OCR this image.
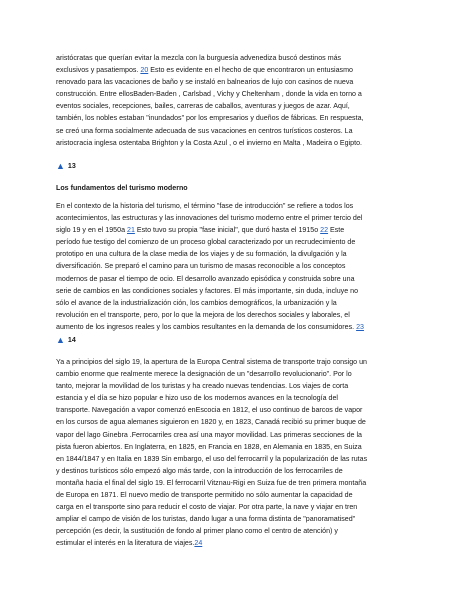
aristócratas que querían evitar la mezcla con la burguesía advenediza buscó destinos más
exclusivos y pasatiempos. 20 Esto es evidente en el hecho de que encontraron un entusiasmo
renovado para las vacaciones de baño y se instaló en balnearios de lujo con casinos de nueva
construcción. Entre ellosBaden-Baden , Carlsbad , Vichy y Cheltenham , donde la vida en torno a
eventos sociales, recepciones, bailes, carreras de caballos, aventuras y juegos de azar. Aquí,
también, los nobles estaban "inundados" por los empresarios y dueños de fábricas. En respuesta,
se creó una forma socialmente adecuada de sus vacaciones en centros turísticos costeros. La
aristocracia inglesa ostentaba Brighton y la Costa Azul , o el invierno en Malta , Madeira o Egipto.
▲ 13
Los fundamentos del turismo moderno
En el contexto de la historia del turismo, el término "fase de introducción" se refiere a todos los
acontecimientos, las estructuras y las innovaciones del turismo moderno entre el primer tercio del
siglo 19 y en el 1950a 21 Esto tuvo su propia "fase inicial", que duró hasta el 1915o 22 Este
período fue testigo del comienzo de un proceso global caracterizado por un recrudecimiento de
prototipo en una cultura de la clase media de los viajes y de su formación, la divulgación y la
diversificación. Se preparó el camino para un turismo de masas reconocible a los conceptos
modernos de pasar el tiempo de ocio. El desarrollo avanzado episódica y construida sobre una
serie de cambios en las condiciones sociales y factores. El más importante, sin duda, incluye no
sólo el avance de la industrialización ción, los cambios demográficos, la urbanización y la
revolución en el transporte, pero, por lo que la mejora de los derechos sociales y laborales, el
aumento de los ingresos reales y los cambios resultantes en la demanda de los consumidores. 23
▲ 14
Ya a principios del siglo 19, la apertura de la Europa Central sistema de transporte trajo consigo un
cambio enorme que realmente merece la designación de un "desarrollo revolucionario". Por lo
tanto, mejorar la movilidad de los turistas y ha creado nuevas tendencias. Los viajes de corta
estancia y el día se hizo popular e hizo uso de los modernos avances en la tecnología del
transporte. Navegación a vapor comenzó enEscocia en 1812, el uso continuo de barcos de vapor
en los cursos de agua alemanes siguieron en 1820 y, en 1823, Canadá recibió su primer buque de
vapor del lago Ginebra .Ferrocarriles crea así una mayor movilidad. Las primeras secciones de la
pista fueron abiertos. En Inglaterra, en 1825, en Francia en 1828, en Alemania en 1835, en Suiza
en 1844/1847 y en Italia en 1839 Sin embargo, el uso del ferrocarril y la popularización de las rutas
y destinos turísticos sólo empezó algo más tarde, con la introducción de los ferrocarriles de
montaña hacia el final del siglo 19. El ferrocarril Vitznau-Rigi en Suiza fue de tren primera montaña
de Europa en 1871. El nuevo medio de transporte permitido no sólo aumentar la capacidad de
carga en el transporte sino para reducir el costo de viajar. Por otra parte, la nave y viajar en tren
ampliar el campo de visión de los turistas, dando lugar a una forma distinta de "panoramatised"
percepción (es decir, la sustitución de fondo al primer plano como el centro de atención) y
estimular el interés en la literatura de viajes.24
